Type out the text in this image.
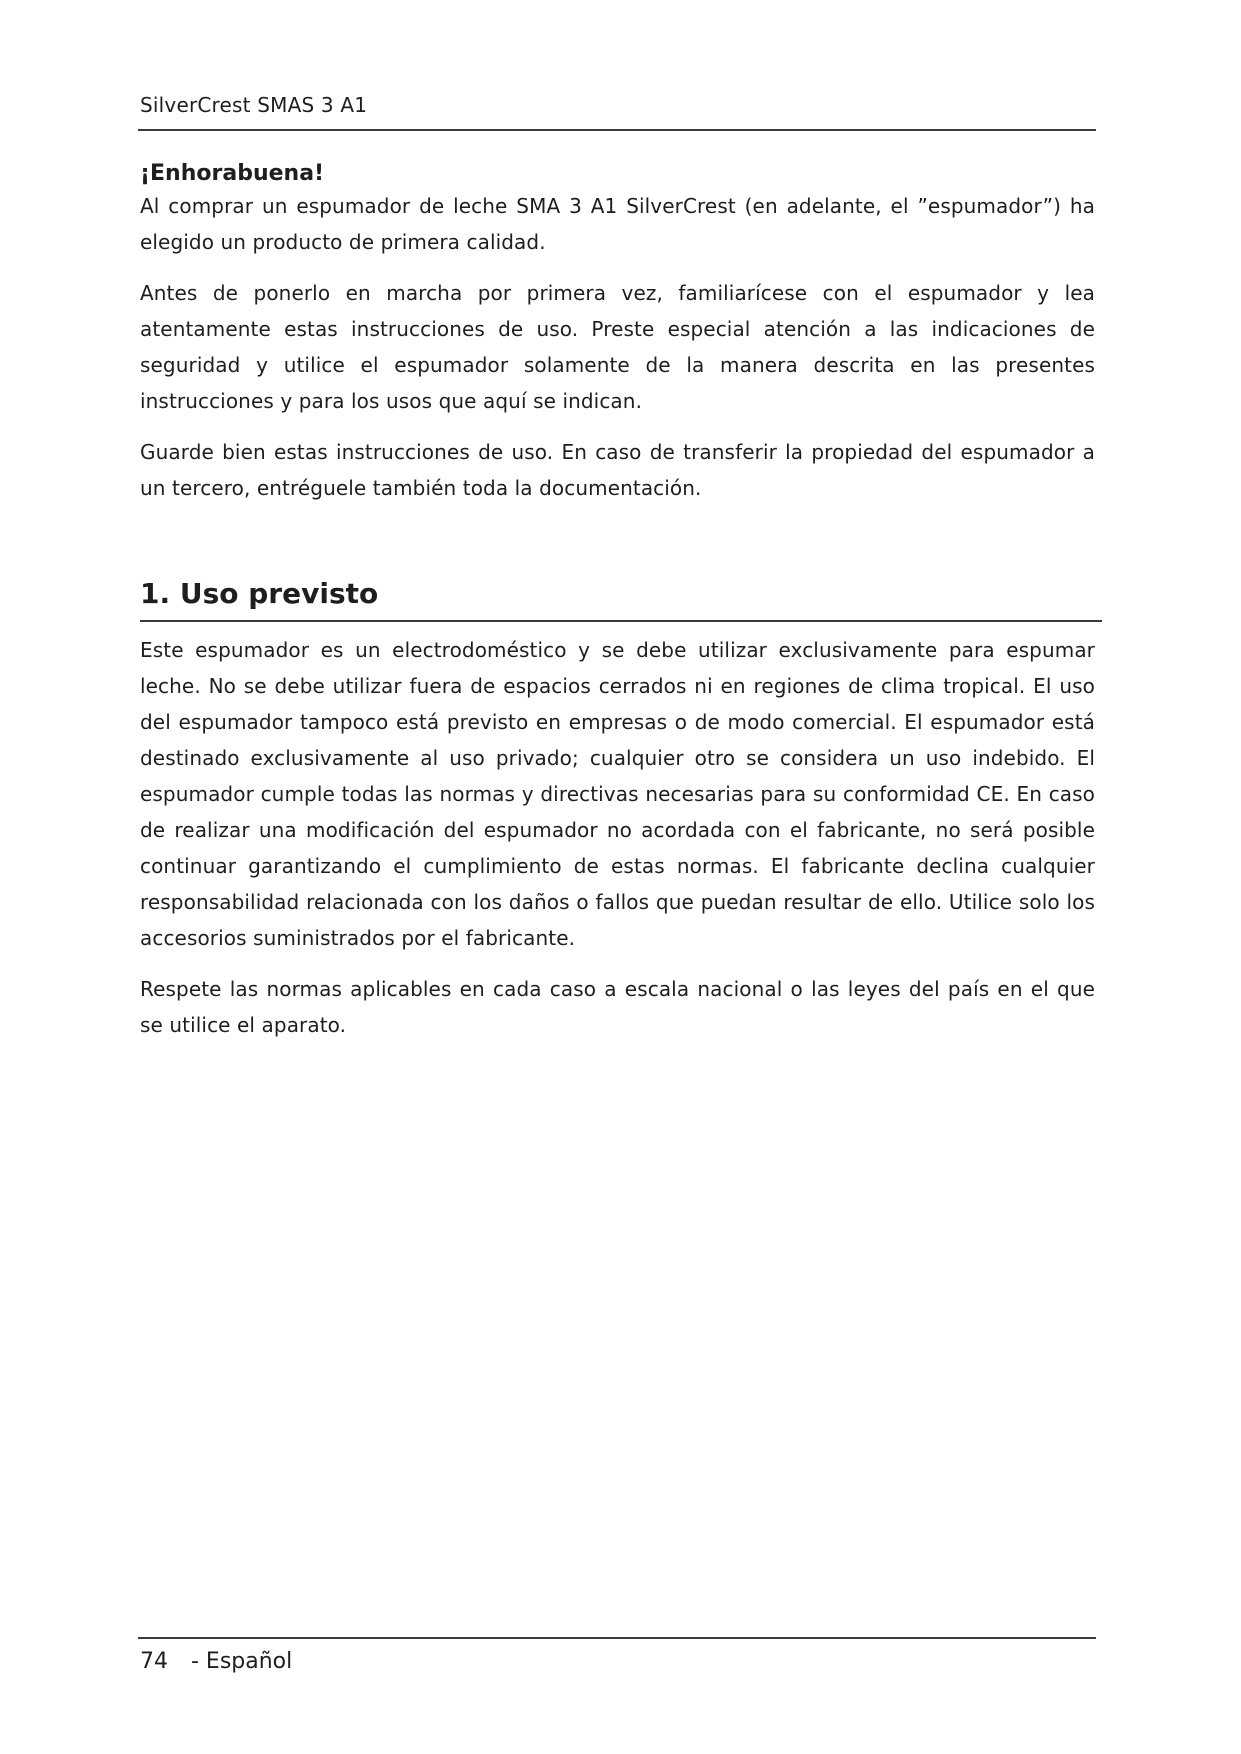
SilverCrest SMAS 3 A1
¡Enhorabuena!

Al comprar un espumador de leche SMA 3 A1 SilverCrest (en adelante, el ”espumador”) ha elegido un producto de primera calidad.

Antes de ponerlo en marcha por primera vez, familiarícese con el espumador y lea atentamente estas instrucciones de uso. Preste especial atención a las indicaciones de seguridad y utilice el espumador solamente de la manera descrita en las presentes instrucciones y para los usos que aquí se indican.

Guarde bien estas instrucciones de uso. En caso de transferir la propiedad del espumador a un tercero, entréguele también toda la documentación.

1. Uso previsto

Este espumador es un electrodoméstico y se debe utilizar exclusivamente para espumar leche. No se debe utilizar fuera de espacios cerrados ni en regiones de clima tropical. El uso del espumador tampoco está previsto en empresas o de modo comercial. El espumador está destinado exclusivamente al uso privado; cualquier otro se considera un uso indebido. El espumador cumple todas las normas y directivas necesarias para su conformidad CE. En caso de realizar una modificación del espumador no acordada con el fabricante, no será posible continuar garantizando el cumplimiento de estas normas. El fabricante declina cualquier responsabilidad relacionada con los daños o fallos que puedan resultar de ello. Utilice solo los accesorios suministrados por el fabricante.

Respete las normas aplicables en cada caso a escala nacional o las leyes del país en el que se utilice el aparato.

74 - Español
